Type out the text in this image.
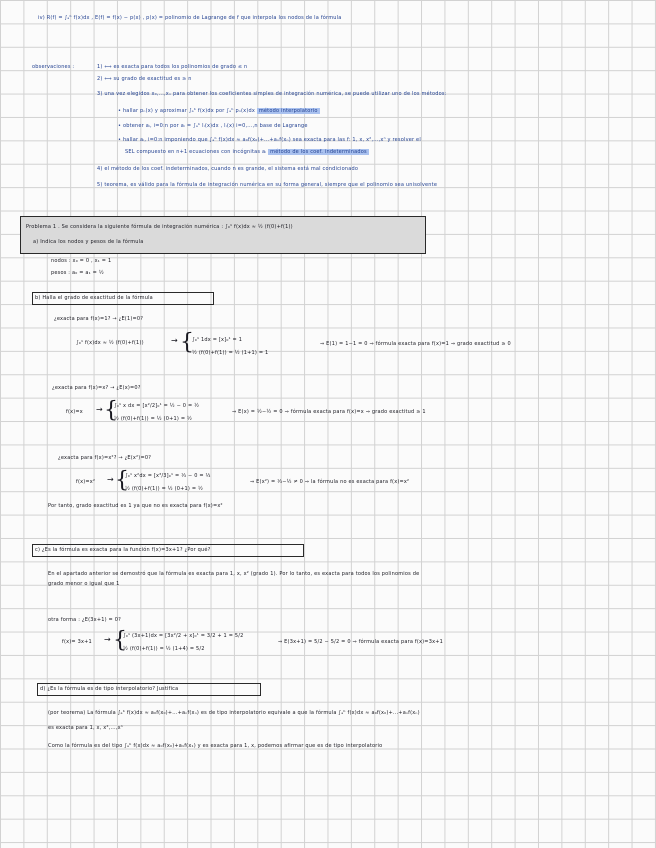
iv) R(f) = ∫ₐᵇ f(x)dx , E(f) = f(x) − p(x) , p(x) = polinomio de Lagrange de f que interpola los nodos de la fórmula
observaciones :	1) ⟺ es exacta para todos los polinomios de grado ≤ n
2) ⟺ su grado de exactitud es ≥ n
3) una vez elegidos x₀,...,xₙ para obtener los coeficientes simples de integración numérica, se puede utilizar uno de los métodos:
• hallar pₙ(x) y aproximar ∫ₐᵇ f(x)dx por ∫ₐᵇ pₙ(x)dx método interpolatorio
• obtener aᵢ, i=0:n por aᵢ = ∫ₐᵇ lᵢ(x)dx , lᵢ(x) i=0,...,n base de Lagrange
• hallar aᵢ, i=0:n imponiendo que ∫ₐᵇ f(x)dx ≈ a₀f(x₀)+...+aₙf(xₙ) sea exacta para las f: 1, x, x²,...,xⁿ y resolver el
SEL compuesto en n+1 ecuaciones con incógnitas aᵢ método de los coef. indeterminados
4) el método de los coef. indeterminados, cuando n es grande, el sistema está mal condicionado
5) teorema, es válido para la fórmula de integración numérica en su forma general, siempre que el polinomio sea unisolvente
Problema 1 . Se considera la siguiente fórmula de integración numérica : ∫₀¹ f(x)dx ≈ ½ (f(0)+f(1))
a) Indica los nodos y pesos de la fórmula
nodos : x₀ = 0 , x₁ = 1
pesos : a₀ = a₁ = ½
b) Halla el grado de exactitud de la fórmula
¿exacta para f(x)=1? → ¿E(1)=0?
∫₀¹ f(x)dx ≈ ½ (f(0)+f(1))	→ {
∫₀¹ 1dx = [x]₀¹ = 1
½ (f(0)+f(1)) = ½ (1+1) = 1
⇒ E(1) = 1−1 = 0 ⇒ fórmula exacta para f(x)=1 ⇒ grado exactitud ≥ 0
¿exacta para f(x)=x? → ¿E(x)=0?
f(x)=x → {
∫₀¹ x dx = [x²/2]₀¹ = ½ − 0 = ½
½ (f(0)+f(1)) = ½ (0+1) = ½
⇒ E(x) = ½−½ = 0 ⇒ fórmula exacta para f(x)=x ⇒ grado exactitud ≥ 1
¿exacta para f(x)=x²? → ¿E(x²)=0?
f(x)=x² → {
∫₀¹ x²dx = [x³/3]₀¹ = ⅓ − 0 = ⅓
½ (f(0)+f(1)) = ½ (0+1) = ½
⇒ E(x²) = ⅓−½ ≠ 0 ⇒ la fórmula no es exacta para f(x)=x²
Por tanto, grado exactitud es 1 ya que no es exacta para f(x)=x²
c) ¿Es la fórmula es exacta para la función f(x)=3x+1? ¿Por qué?
En el apartado anterior se demostró que la fórmula es exacta para 1, x, x² (grado 1). Por lo tanto, es exacta para todos los polinomios de
grado menor o igual que 1
otra forma : ¿E(3x+1) = 0?
f(x)= 3x+1 → {
∫₀¹ (3x+1)dx = [3x²/2 + x]₀¹ = 3/2 + 1 = 5/2
½ (f(0)+f(1)) = ½ (1+4) = 5/2
⇒ E(3x+1) = 5/2 − 5/2 = 0 ⇒ fórmula exacta para f(x)=3x+1
d) ¿Es la fórmula es de tipo interpolatorio? Justifica
(por teorema) La fórmula ∫ₐᵇ f(x)dx ≈ a₀f(x₀)+...+aₙf(xₙ) es de tipo interpolatorio equivale a que la fórmula ∫ₐᵇ f(x)dx ≈ a₀f(x₀)+...+aₙf(xₙ)
es exacta para 1, x, x²,...,xⁿ
Como la fórmula es del tipo ∫ₐᵇ f(x)dx ≈ a₀f(x₀)+a₁f(x₁) y es exacta para 1, x, podemos afirmar que es de tipo interpolatorio
